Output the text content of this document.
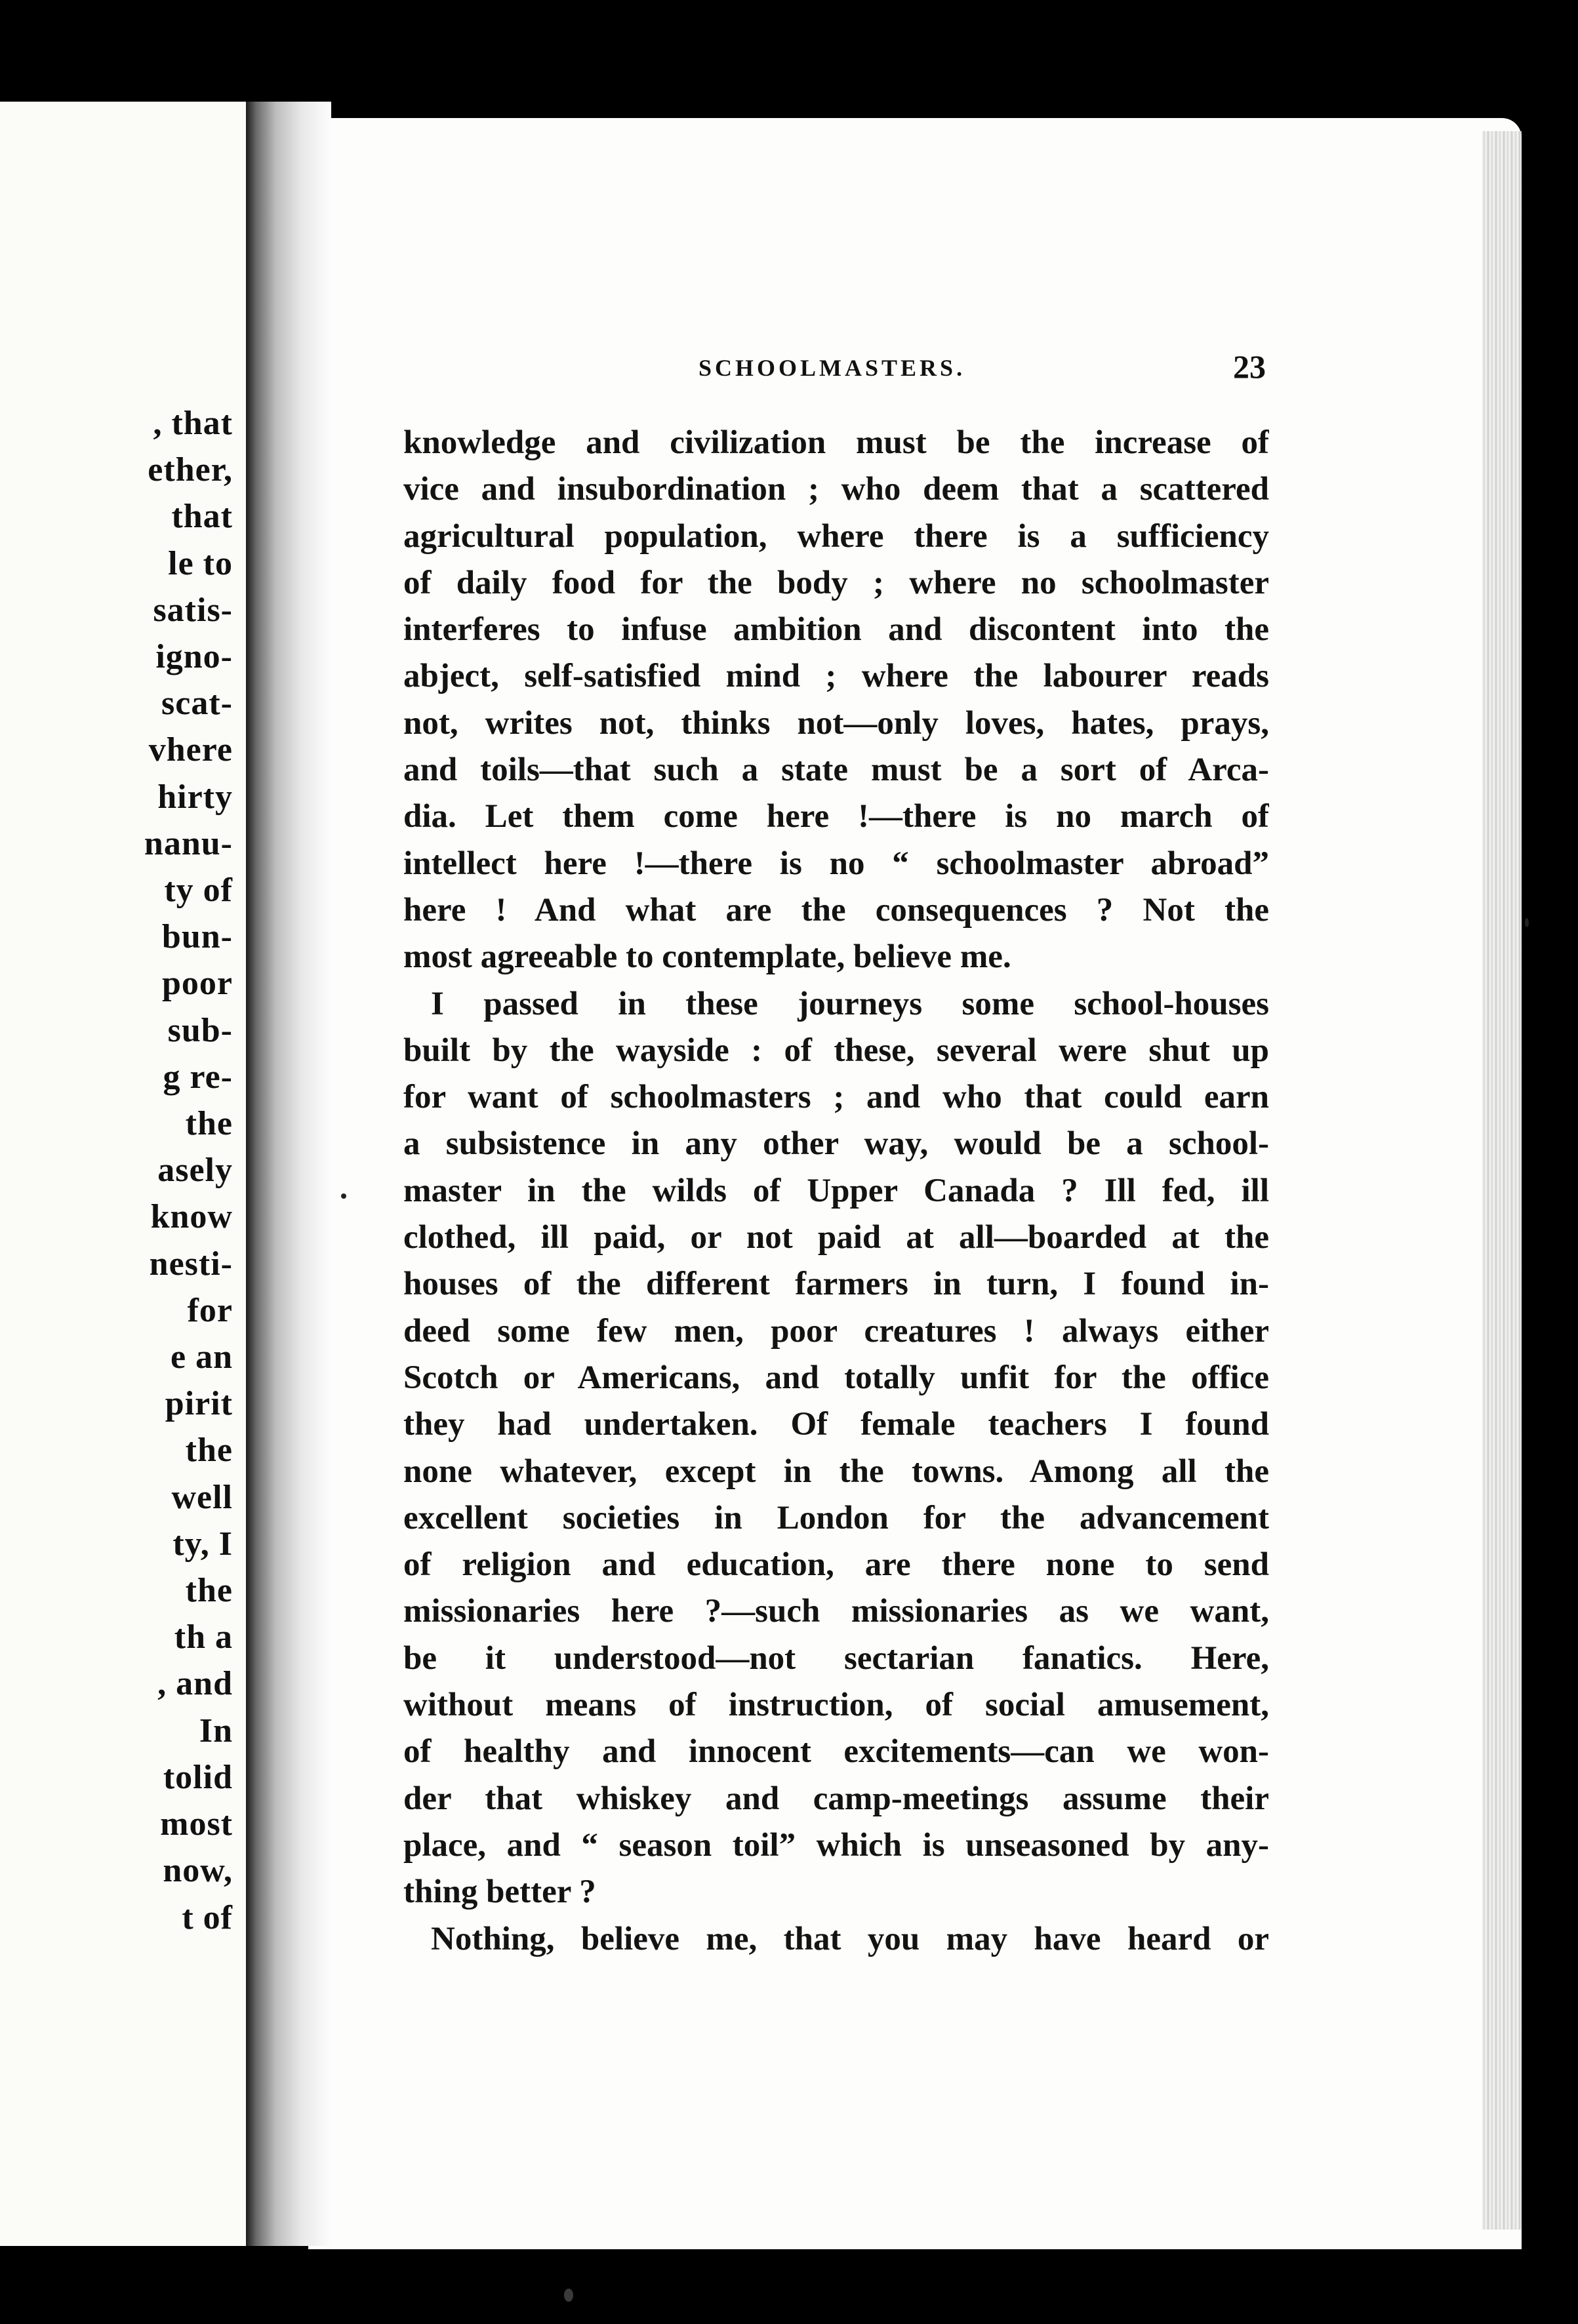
, that
ether,
that
le to
satis-
igno-
scat-
vhere
hirty
nanu-
ty of
bun-
poor
sub-
g re-
the
asely
know
nesti-
for
e an
pirit
the
well
ty, I
the
th a
, and
In
tolid
most
now,
t of
SCHOOLMASTERS.	23
knowledge and civilization must be the increase of
vice and insubordination ; who deem that a scattered
agricultural population, where there is a sufficiency
of daily food for the body ; where no schoolmaster
interferes to infuse ambition and discontent into the
abject, self-satisfied mind ; where the labourer reads
not, writes not, thinks not—only loves, hates, prays,
and toils—that such a state must be a sort of Arca-
dia. Let them come here !—there is no march of
intellect here !—there is no “ schoolmaster abroad”
here ! And what are the consequences ? Not the
most agreeable to contemplate, believe me.
I passed in these journeys some school-houses
built by the wayside : of these, several were shut up
for want of schoolmasters ; and who that could earn
a subsistence in any other way, would be a school-
master in the wilds of Upper Canada ? Ill fed, ill
clothed, ill paid, or not paid at all—boarded at the
houses of the different farmers in turn, I found in-
deed some few men, poor creatures ! always either
Scotch or Americans, and totally unfit for the office
they had undertaken. Of female teachers I found
none whatever, except in the towns. Among all the
excellent societies in London for the advancement
of religion and education, are there none to send
missionaries here ?—such missionaries as we want,
be it understood—not sectarian fanatics. Here,
without means of instruction, of social amusement,
of healthy and innocent excitements—can we won-
der that whiskey and camp-meetings assume their
place, and “ season toil” which is unseasoned by any-
thing better ?
Nothing, believe me, that you may have heard or
